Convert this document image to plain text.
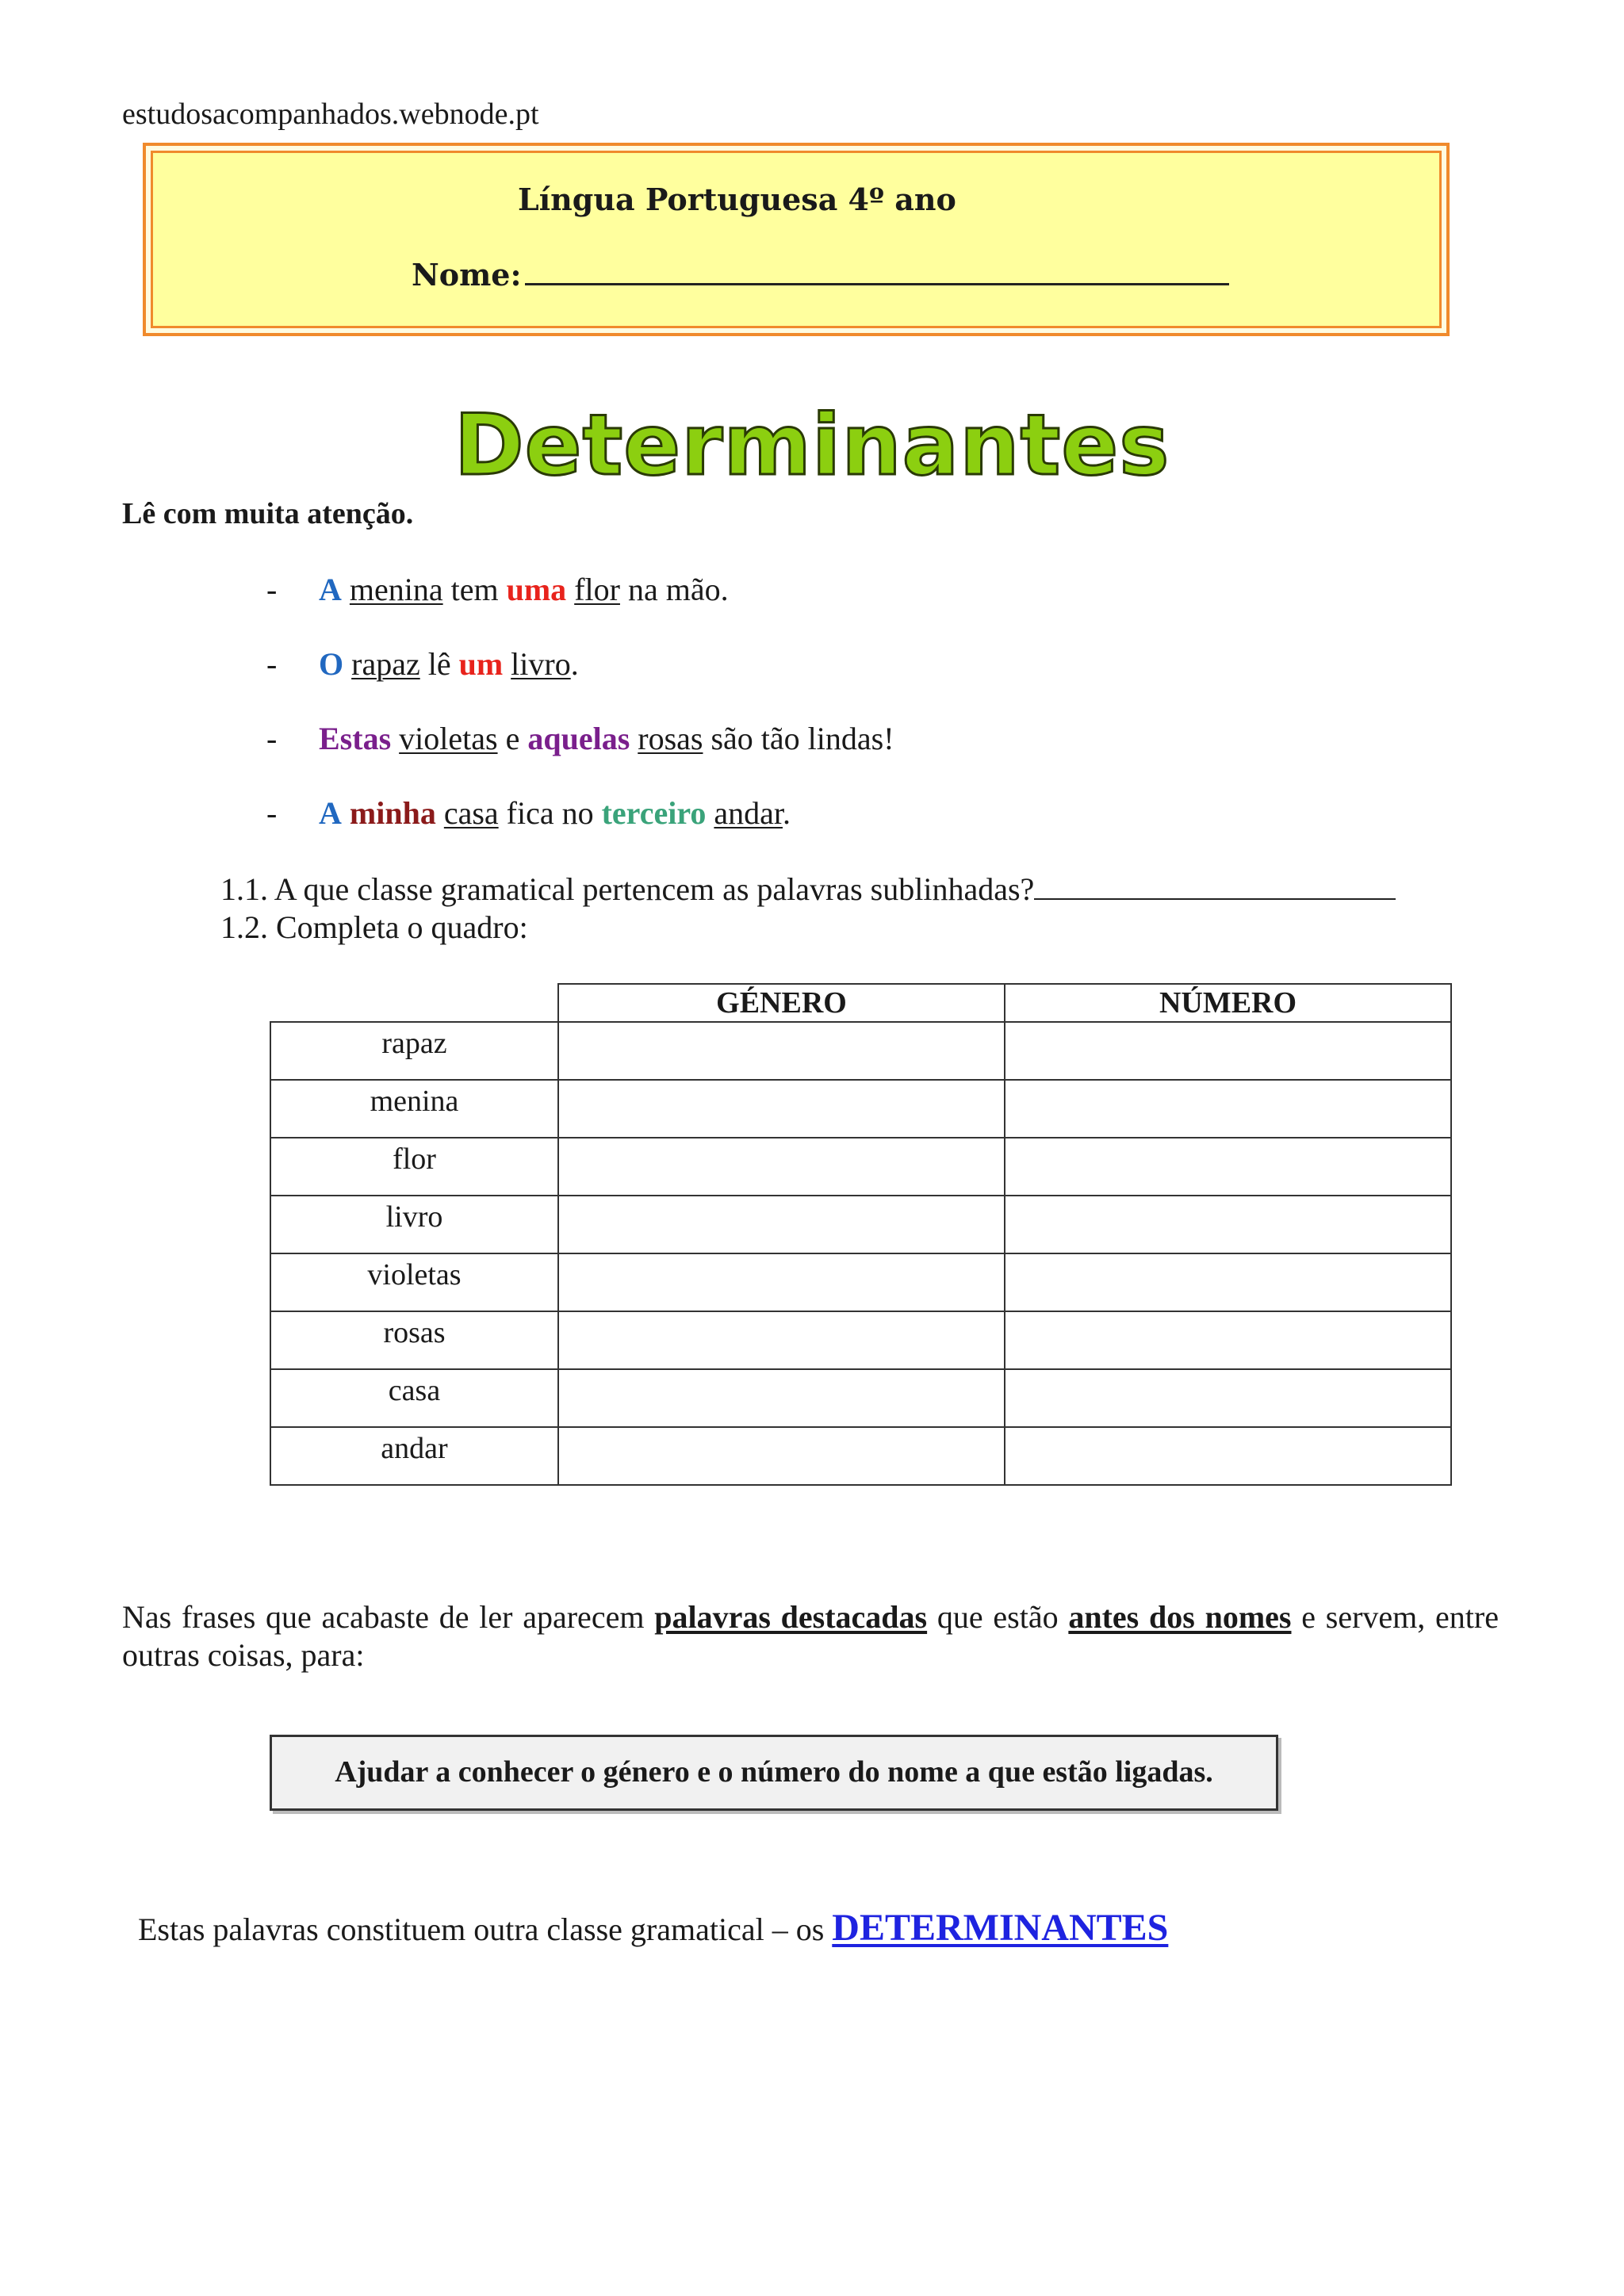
estudosacompanhados.webnode.pt
Língua Portuguesa 4º ano
Nome:
Determinantes
Lê com muita atenção.
- A menina tem uma flor na mão.
- O rapaz lê um livro.
- Estas violetas e aquelas rosas são tão lindas!
- A minha casa fica no terceiro andar.
1.1. A que classe gramatical pertencem as palavras sublinhadas?
1.2. Completa o quadro:
	GÉNERO	NÚMERO
rapaz		
menina		
flor		
livro		
violetas		
rosas		
casa		
andar		
Nas frases que acabaste de ler aparecem palavras destacadas que estão antes dos nomes e servem, entre outras coisas, para:
Ajudar a conhecer o género e o número do nome a que estão ligadas.
Estas palavras constituem outra classe gramatical – os DETERMINANTES
